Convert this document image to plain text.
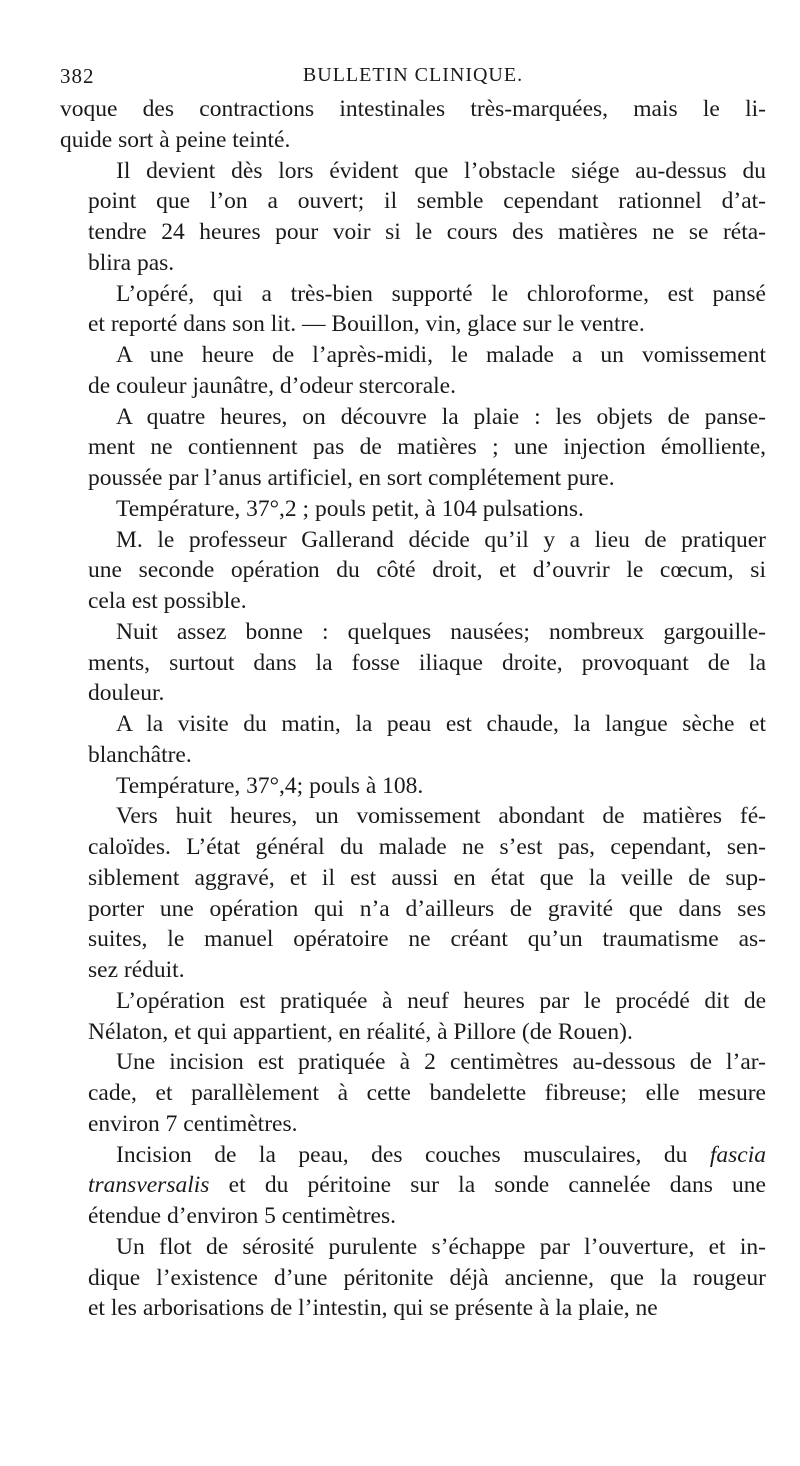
382	BULLETIN CLINIQUE.
voque des contractions intestinales très-marquées, mais le li-
quide sort à peine teinté.
Il devient dès lors évident que l’obstacle siége au-dessus du
point que l’on a ouvert; il semble cependant rationnel d’at-
tendre 24 heures pour voir si le cours des matières ne se réta-
blira pas.
L’opéré, qui a très-bien supporté le chloroforme, est pansé
et reporté dans son lit. — Bouillon, vin, glace sur le ventre.
A une heure de l’après-midi, le malade a un vomissement
de couleur jaunâtre, d’odeur stercorale.
A quatre heures, on découvre la plaie : les objets de panse-
ment ne contiennent pas de matières ; une injection émolliente,
poussée par l’anus artificiel, en sort complétement pure.
Température, 37°,2 ; pouls petit, à 104 pulsations.
M. le professeur Gallerand décide qu’il y a lieu de pratiquer
une seconde opération du côté droit, et d’ouvrir le cœcum, si
cela est possible.
Nuit assez bonne : quelques nausées; nombreux gargouille-
ments, surtout dans la fosse iliaque droite, provoquant de la
douleur.
A la visite du matin, la peau est chaude, la langue sèche et
blanchâtre.
Température, 37°,4; pouls à 108.
Vers huit heures, un vomissement abondant de matières fé-
caloïdes. L’état général du malade ne s’est pas, cependant, sen-
siblement aggravé, et il est aussi en état que la veille de sup-
porter une opération qui n’a d’ailleurs de gravité que dans ses
suites, le manuel opératoire ne créant qu’un traumatisme as-
sez réduit.
L’opération est pratiquée à neuf heures par le procédé dit de
Nélaton, et qui appartient, en réalité, à Pillore (de Rouen).
Une incision est pratiquée à 2 centimètres au-dessous de l’ar-
cade, et parallèlement à cette bandelette fibreuse; elle mesure
environ 7 centimètres.
Incision de la peau, des couches musculaires, du fascia
transversalis et du péritoine sur la sonde cannelée dans une
étendue d’environ 5 centimètres.
Un flot de sérosité purulente s’échappe par l’ouverture, et in-
dique l’existence d’une péritonite déjà ancienne, que la rougeur
et les arborisations de l’intestin, qui se présente à la plaie, ne
